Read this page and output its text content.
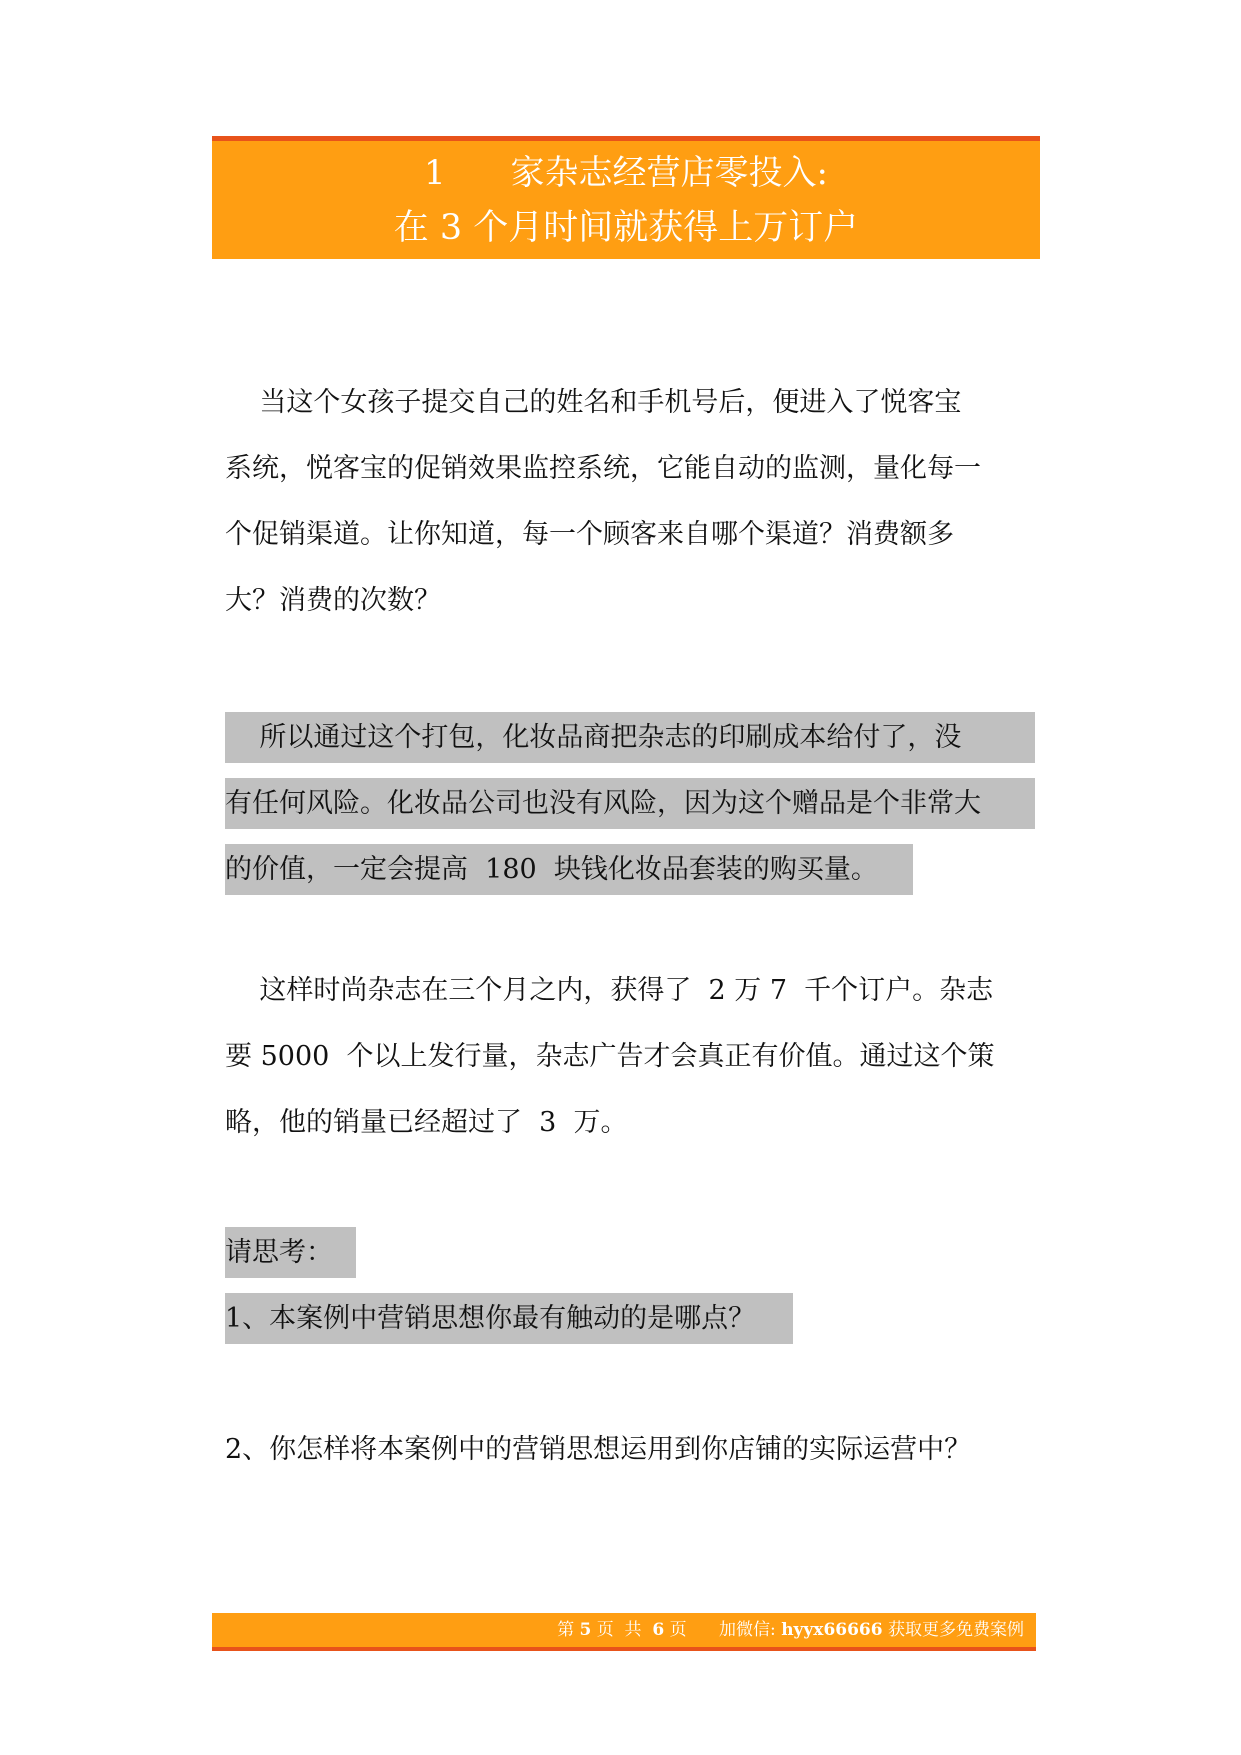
1      家杂志经营店零投入:
在 3 个月时间就获得上万订户
当这个女孩子提交自己的姓名和手机号后，便进入了悦客宝
系统，悦客宝的促销效果监控系统，它能自动的监测，量化每一
个促销渠道。让你知道，每一个顾客来自哪个渠道？消费额多
大？消费的次数？
所以通过这个打包，化妆品商把杂志的印刷成本给付了，没
有任何风险。化妆品公司也没有风险，因为这个赠品是个非常大
的价值，一定会提高  180  块钱化妆品套装的购买量。
这样时尚杂志在三个月之内，获得了  2 万 7  千个订户。杂志
要 5000  个以上发行量，杂志广告才会真正有价值。通过这个策
略，他的销量已经超过了  3  万。
请思考：
1、本案例中营销思想你最有触动的是哪点？
2、你怎样将本案例中的营销思想运用到你店铺的实际运营中？
第 5 页  共  6 页      加微信: hyyx66666 获取更多免费案例
